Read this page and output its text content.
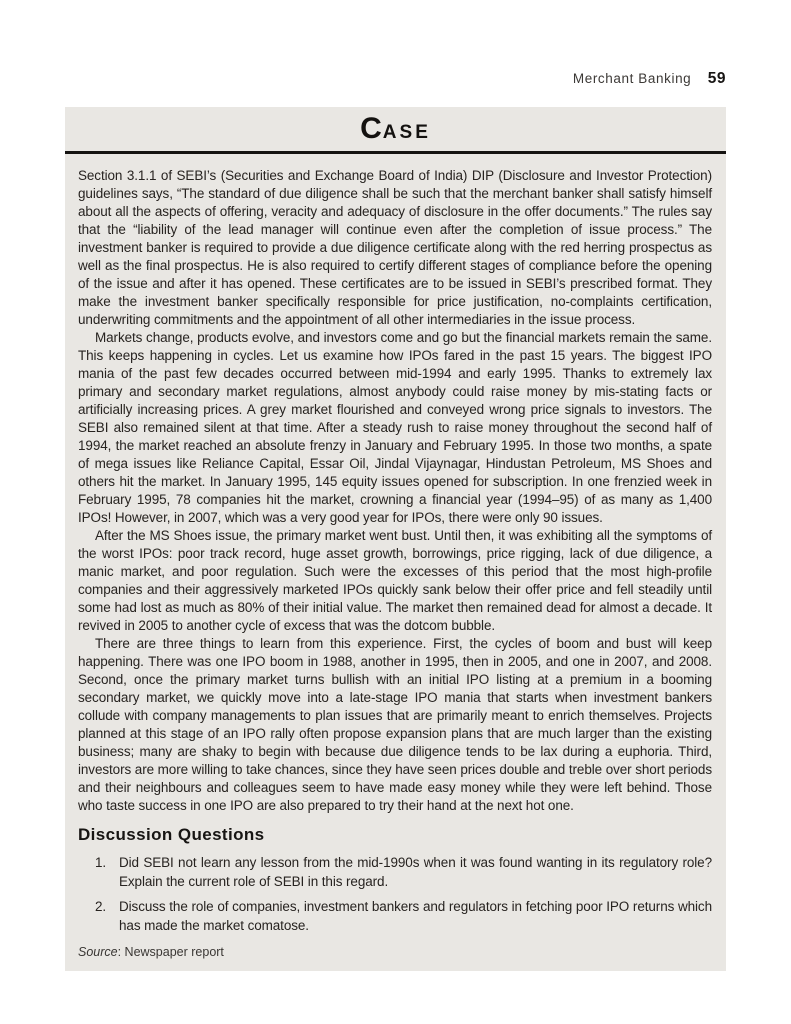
Merchant Banking 59
CASE

Section 3.1.1 of SEBI’s (Securities and Exchange Board of India) DIP (Disclosure and Investor Protection) guidelines says, “The standard of due diligence shall be such that the merchant banker shall satisfy himself about all the aspects of offering, veracity and adequacy of disclosure in the offer documents.” The rules say that the “liability of the lead manager will continue even after the completion of issue process.” The investment banker is required to provide a due diligence certificate along with the red herring prospectus as well as the final prospectus. He is also required to certify different stages of compliance before the opening of the issue and after it has opened. These certificates are to be issued in SEBI’s prescribed format. They make the investment banker specifically responsible for price justification, no-complaints certification, underwriting commitments and the appointment of all other intermediaries in the issue process.

Markets change, products evolve, and investors come and go but the financial markets remain the same. This keeps happening in cycles. Let us examine how IPOs fared in the past 15 years. The biggest IPO mania of the past few decades occurred between mid-1994 and early 1995. Thanks to extremely lax primary and secondary market regulations, almost anybody could raise money by mis-stating facts or artificially increasing prices. A grey market flourished and conveyed wrong price signals to investors. The SEBI also remained silent at that time. After a steady rush to raise money throughout the second half of 1994, the market reached an absolute frenzy in January and February 1995. In those two months, a spate of mega issues like Reliance Capital, Essar Oil, Jindal Vijaynagar, Hindustan Petroleum, MS Shoes and others hit the market. In January 1995, 145 equity issues opened for subscription. In one frenzied week in February 1995, 78 companies hit the market, crowning a financial year (1994–95) of as many as 1,400 IPOs! However, in 2007, which was a very good year for IPOs, there were only 90 issues.

After the MS Shoes issue, the primary market went bust. Until then, it was exhibiting all the symptoms of the worst IPOs: poor track record, huge asset growth, borrowings, price rigging, lack of due diligence, a manic market, and poor regulation. Such were the excesses of this period that the most high-profile companies and their aggressively marketed IPOs quickly sank below their offer price and fell steadily until some had lost as much as 80% of their initial value. The market then remained dead for almost a decade. It revived in 2005 to another cycle of excess that was the dotcom bubble.

There are three things to learn from this experience. First, the cycles of boom and bust will keep happening. There was one IPO boom in 1988, another in 1995, then in 2005, and one in 2007, and 2008. Second, once the primary market turns bullish with an initial IPO listing at a premium in a booming secondary market, we quickly move into a late-stage IPO mania that starts when investment bankers collude with company managements to plan issues that are primarily meant to enrich themselves. Projects planned at this stage of an IPO rally often propose expansion plans that are much larger than the existing business; many are shaky to begin with because due diligence tends to be lax during a euphoria. Third, investors are more willing to take chances, since they have seen prices double and treble over short periods and their neighbours and colleagues seem to have made easy money while they were left behind. Those who taste success in one IPO are also prepared to try their hand at the next hot one.

Discussion Questions
1. Did SEBI not learn any lesson from the mid-1990s when it was found wanting in its regulatory role? Explain the current role of SEBI in this regard.
2. Discuss the role of companies, investment bankers and regulators in fetching poor IPO returns which has made the market comatose.
Source: Newspaper report
